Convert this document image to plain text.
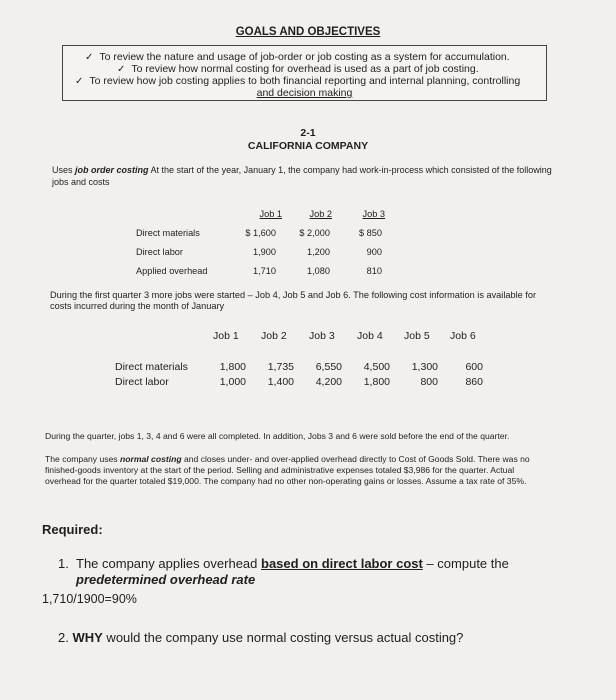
GOALS AND OBJECTIVES
✓ To review the nature and usage of job-order or job costing as a system for accumulation.
✓ To review how normal costing for overhead is used as a part of job costing.
✓ To review how job costing applies to both financial reporting and internal planning, controlling
and decision making
2-1
CALIFORNIA COMPANY
Uses job order costing At the start of the year, January 1, the company had work-in-process which consisted of the following jobs and costs
Job 1	Job 2	Job 3
Direct materials	$ 1,600	$ 2,000	$ 850
Direct labor	1,900	1,200	900
Applied overhead	1,710	1,080	810
During the first quarter 3 more jobs were started – Job 4, Job 5 and Job 6. The following cost information is available for costs incurred during the month of January
Job 1 Job 2 Job 3 Job 4 Job 5 Job 6
Direct materials	1,800	1,735	6,550	4,500	1,300	600
Direct labor	1,000	1,400	4,200	1,800	800	860
During the quarter, jobs 1, 3, 4 and 6 were all completed. In addition, Jobs 3 and 6 were sold before the end of the quarter.
The company uses normal costing and closes under- and over-applied overhead directly to Cost of Goods Sold. There was no finished-goods inventory at the start of the period. Selling and administrative expenses totaled $3,986 for the quarter. Actual overhead for the quarter totaled $19,000. The company had no other non-operating gains or losses. Assume a tax rate of 35%.
Required:
1. The company applies overhead based on direct labor cost – compute the predetermined overhead rate
1,710/1900=90%
2. WHY would the company use normal costing versus actual costing?
